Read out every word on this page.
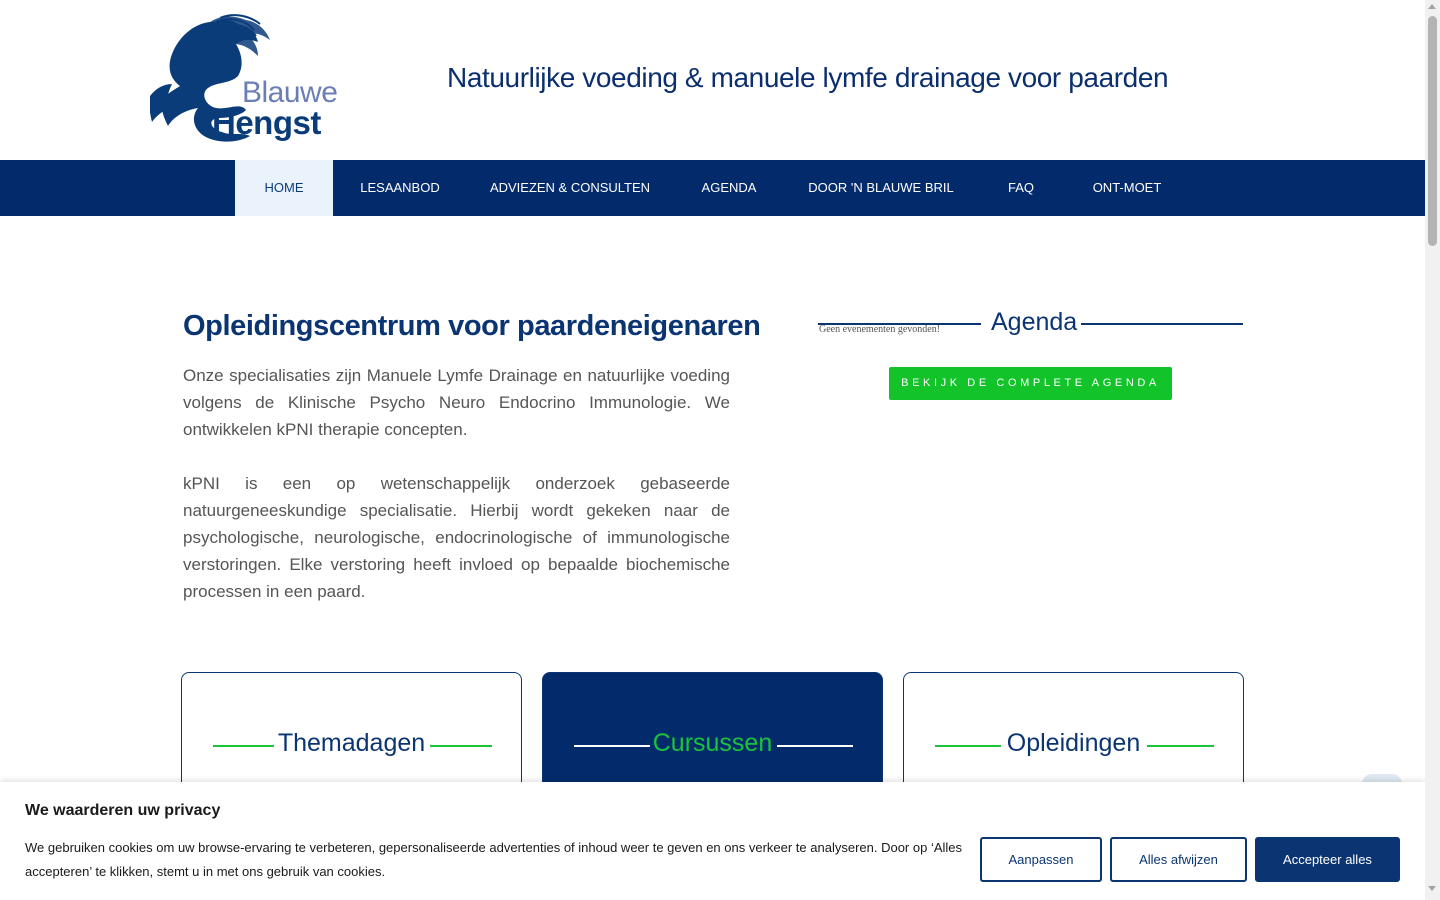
Blauwe
Hengst
Natuurlijke voeding & manuele lymfe drainage voor paarden
HOME	LESAANBOD	ADVIEZEN & CONSULTEN	AGENDA	DOOR 'N BLAUWE BRIL	FAQ	ONT-MOET
Opleidingscentrum voor paardeneigenaren

Onze specialisaties zijn Manuele Lymfe Drainage en natuurlijke voeding volgens de Klinische Psycho Neuro Endocrino Immunologie. We ontwikkelen kPNI therapie concepten.

kPNI is een op wetenschappelijk onderzoek gebaseerde natuurgeneeskundige specialisatie. Hierbij wordt gekeken naar de psychologische, neurologische, endocrinologische of immunologische verstoringen. Elke verstoring heeft invloed op bepaalde biochemische processen in een paard.

Agenda
Geen evenementen gevonden!
BEKIJK DE COMPLETE AGENDA
Themadagen	Cursussen	Opleidingen
We waarderen uw privacy
We gebruiken cookies om uw browse-ervaring te verbeteren, gepersonaliseerde advertenties of inhoud weer te geven en ons verkeer te analyseren. Door op ‘Alles accepteren’ te klikken, stemt u in met ons gebruik van cookies.
Aanpassen	Alles afwijzen	Accepteer alles
